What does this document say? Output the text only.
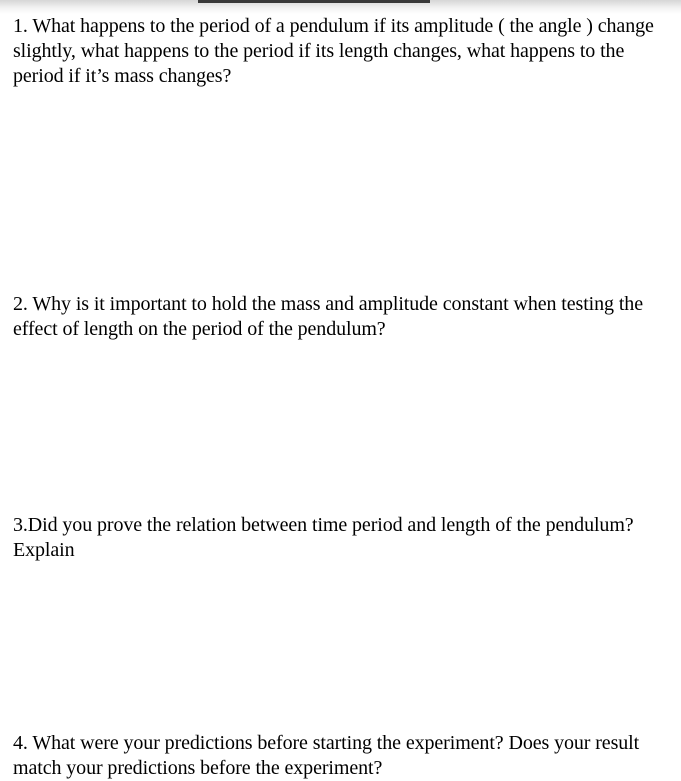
1. What happens to the period of a pendulum if its amplitude ( the angle ) change
slightly, what happens to the period if its length changes, what happens to the
period if it’s mass changes?
2. Why is it important to hold the mass and amplitude constant when testing the
effect of length on the period of the pendulum?
3.Did you prove the relation between time period and length of the pendulum?
Explain
4. What were your predictions before starting the experiment? Does your result
match your predictions before the experiment?
